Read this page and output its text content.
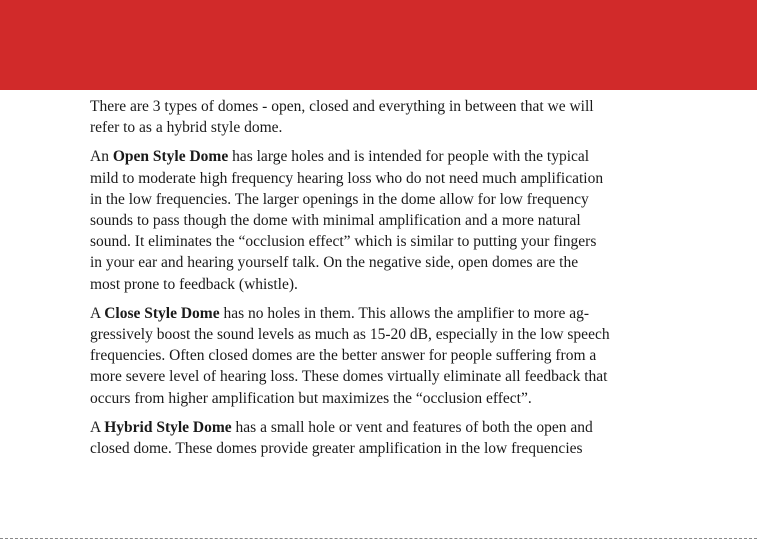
There are 3 types of domes - open, closed and everything in between that we will
refer to as a hybrid style dome.

An Open Style Dome has large holes and is intended for people with the typical
mild to moderate high frequency hearing loss who do not need much amplification
in the low frequencies. The larger openings in the dome allow for low frequency
sounds to pass though the dome with minimal amplification and a more natural
sound. It eliminates the “occlusion effect” which is similar to putting your fingers
in your ear and hearing yourself talk. On the negative side, open domes are the
most prone to feedback (whistle).

A Close Style Dome has no holes in them. This allows the amplifier to more ag-
gressively boost the sound levels as much as 15-20 dB, especially in the low speech
frequencies. Often closed domes are the better answer for people suffering from a
more severe level of hearing loss. These domes virtually eliminate all feedback that
occurs from higher amplification but maximizes the “occlusion effect”.

A Hybrid Style Dome has a small hole or vent and features of both the open and
closed dome. These domes provide greater amplification in the low frequencies
